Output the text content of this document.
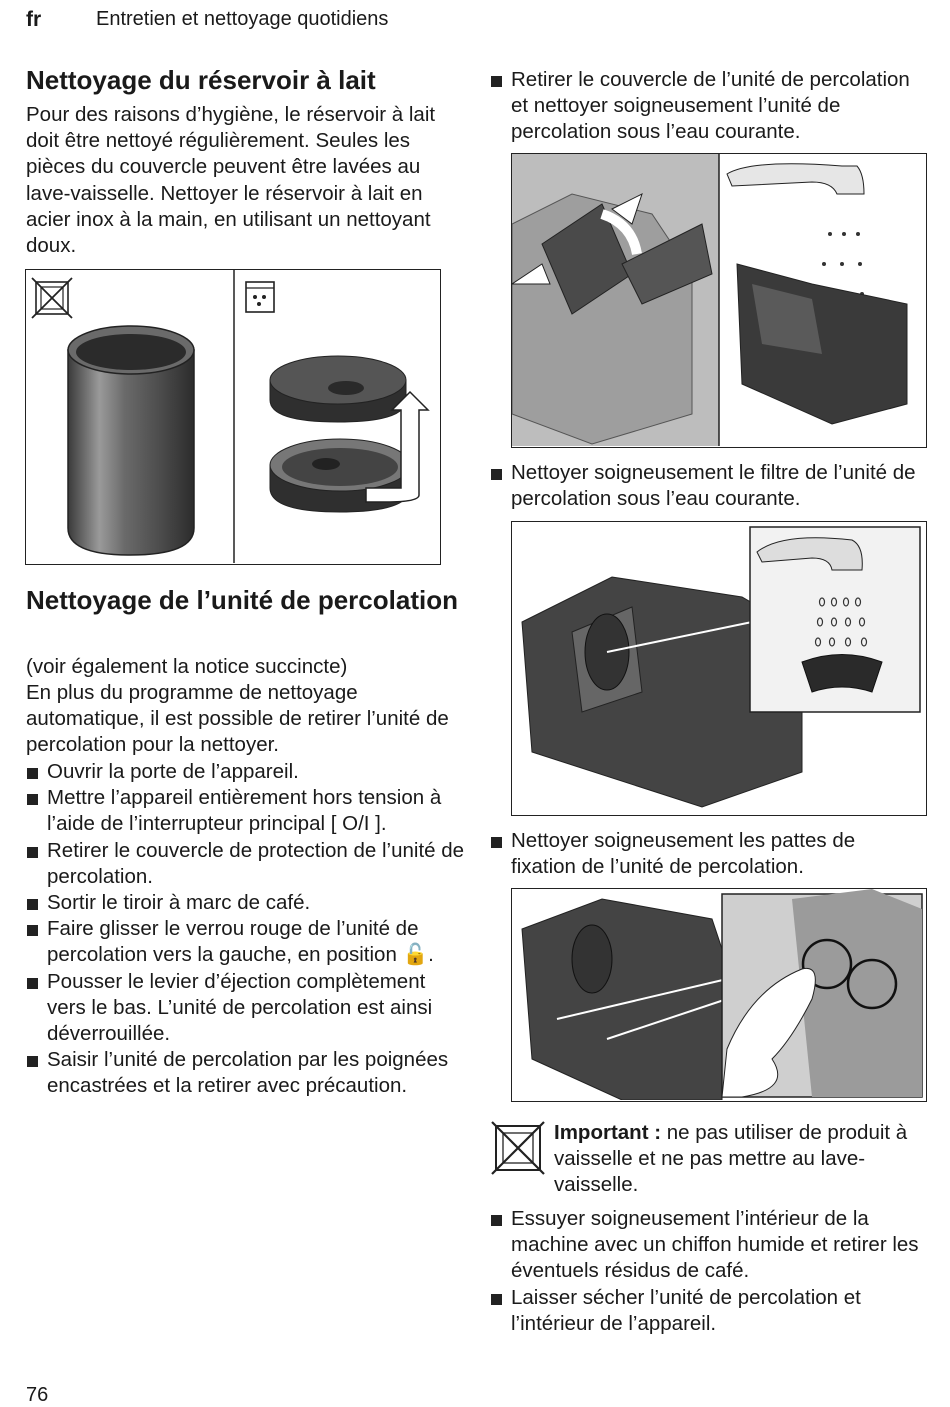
fr	Entretien et nettoyage quotidiens
Nettoyage du réservoir à lait

Pour des raisons d’hygiène, le réservoir à lait doit être nettoyé régulièrement. Seules les pièces du couvercle peuvent être lavées au lave-vaisselle. Nettoyer le réservoir à lait en acier inox à la main, en utilisant un nettoyant doux.

Nettoyage de l’unité de percolation

(voir également la notice succincte)

En plus du programme de nettoyage automatique, il est possible de retirer l’unité de percolation pour la nettoyer.

Ouvrir la porte de l’appareil.
Mettre l’appareil entièrement hors tension à l’aide de l’interrupteur principal [ O/I ].
Retirer le couvercle de protection de l’unité de percolation.
Sortir le tiroir à marc de café.
Faire glisser le verrou rouge de l’unité de percolation vers la gauche, en position 🔓.
Pousser le levier d’éjection complètement vers le bas. L’unité de percolation est ainsi déverrouillée.
Saisir l’unité de percolation par les poignées encastrées et la retirer avec précaution.
Retirer le couvercle de l’unité de percolation et nettoyer soigneusement l’unité de percolation sous l’eau courante.
Nettoyer soigneusement le filtre de l’unité de percolation sous l’eau courante.
Nettoyer soigneusement les pattes de fixation de l’unité de percolation.

Important : ne pas utiliser de produit à vaisselle et ne pas mettre au lave-vaisselle.

Essuyer soigneusement l’intérieur de la machine avec un chiffon humide et retirer les éventuels résidus de café.
Laisser sécher l’unité de percolation et l’intérieur de l’appareil.
76
